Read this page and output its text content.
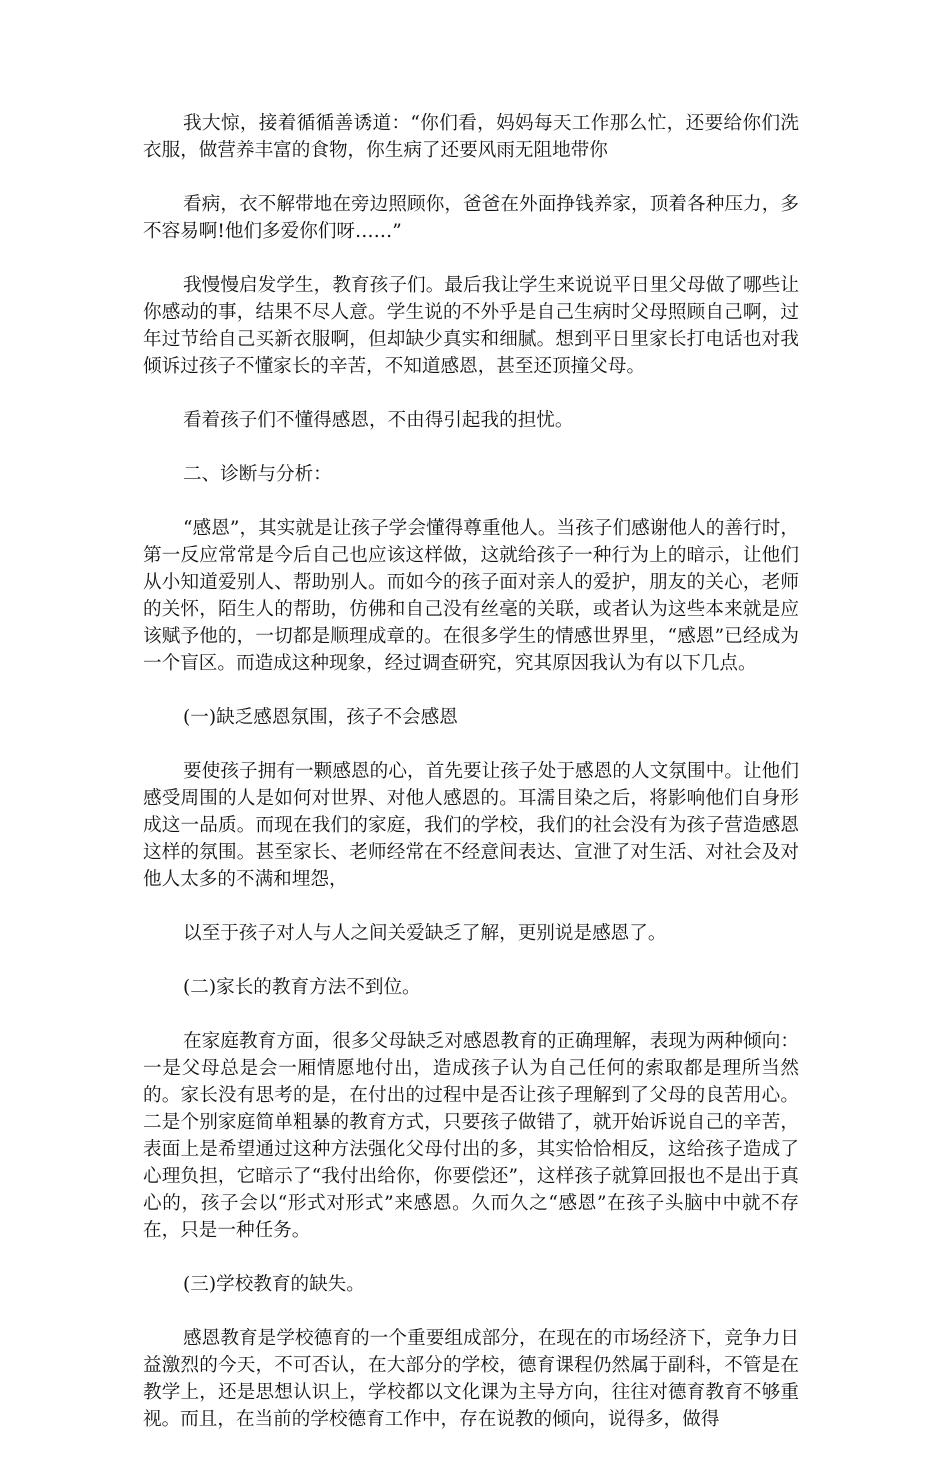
我大惊，接着循循善诱道：“你们看，妈妈每天工作那么忙，还要给你们洗衣服，做营养丰富的食物，你生病了还要风雨无阻地带你

看病，衣不解带地在旁边照顾你，爸爸在外面挣钱养家，顶着各种压力，多不容易啊!他们多爱你们呀……”

我慢慢启发学生，教育孩子们。最后我让学生来说说平日里父母做了哪些让你感动的事，结果不尽人意。学生说的不外乎是自己生病时父母照顾自己啊，过年过节给自己买新衣服啊，但却缺少真实和细腻。想到平日里家长打电话也对我倾诉过孩子不懂家长的辛苦，不知道感恩，甚至还顶撞父母。

看着孩子们不懂得感恩，不由得引起我的担忧。

二、诊断与分析：

“感恩”，其实就是让孩子学会懂得尊重他人。当孩子们感谢他人的善行时，第一反应常常是今后自己也应该这样做，这就给孩子一种行为上的暗示，让他们从小知道爱别人、帮助别人。而如今的孩子面对亲人的爱护，朋友的关心，老师的关怀，陌生人的帮助，仿佛和自己没有丝毫的关联，或者认为这些本来就是应该赋予他的，一切都是顺理成章的。在很多学生的情感世界里，“感恩”已经成为一个盲区。而造成这种现象，经过调查研究，究其原因我认为有以下几点。

(一)缺乏感恩氛围，孩子不会感恩

要使孩子拥有一颗感恩的心，首先要让孩子处于感恩的人文氛围中。让他们感受周围的人是如何对世界、对他人感恩的。耳濡目染之后，将影响他们自身形成这一品质。而现在我们的家庭，我们的学校，我们的社会没有为孩子营造感恩这样的氛围。甚至家长、老师经常在不经意间表达、宣泄了对生活、对社会及对他人太多的不满和埋怨，

以至于孩子对人与人之间关爱缺乏了解，更别说是感恩了。

(二)家长的教育方法不到位。

在家庭教育方面，很多父母缺乏对感恩教育的正确理解，表现为两种倾向：一是父母总是会一厢情愿地付出，造成孩子认为自己任何的索取都是理所当然的。家长没有思考的是，在付出的过程中是否让孩子理解到了父母的良苦用心。二是个别家庭简单粗暴的教育方式，只要孩子做错了，就开始诉说自己的辛苦，表面上是希望通过这种方法强化父母付出的多，其实恰恰相反，这给孩子造成了心理负担，它暗示了“我付出给你，你要偿还”，这样孩子就算回报也不是出于真心的，孩子会以“形式对形式”来感恩。久而久之“感恩”在孩子头脑中中就不存在，只是一种任务。

(三)学校教育的缺失。

感恩教育是学校德育的一个重要组成部分，在现在的市场经济下，竞争力日益激烈的今天，不可否认，在大部分的学校，德育课程仍然属于副科，不管是在教学上，还是思想认识上，学校都以文化课为主导方向，往往对德育教育不够重视。而且，在当前的学校德育工作中，存在说教的倾向，说得多，做得
